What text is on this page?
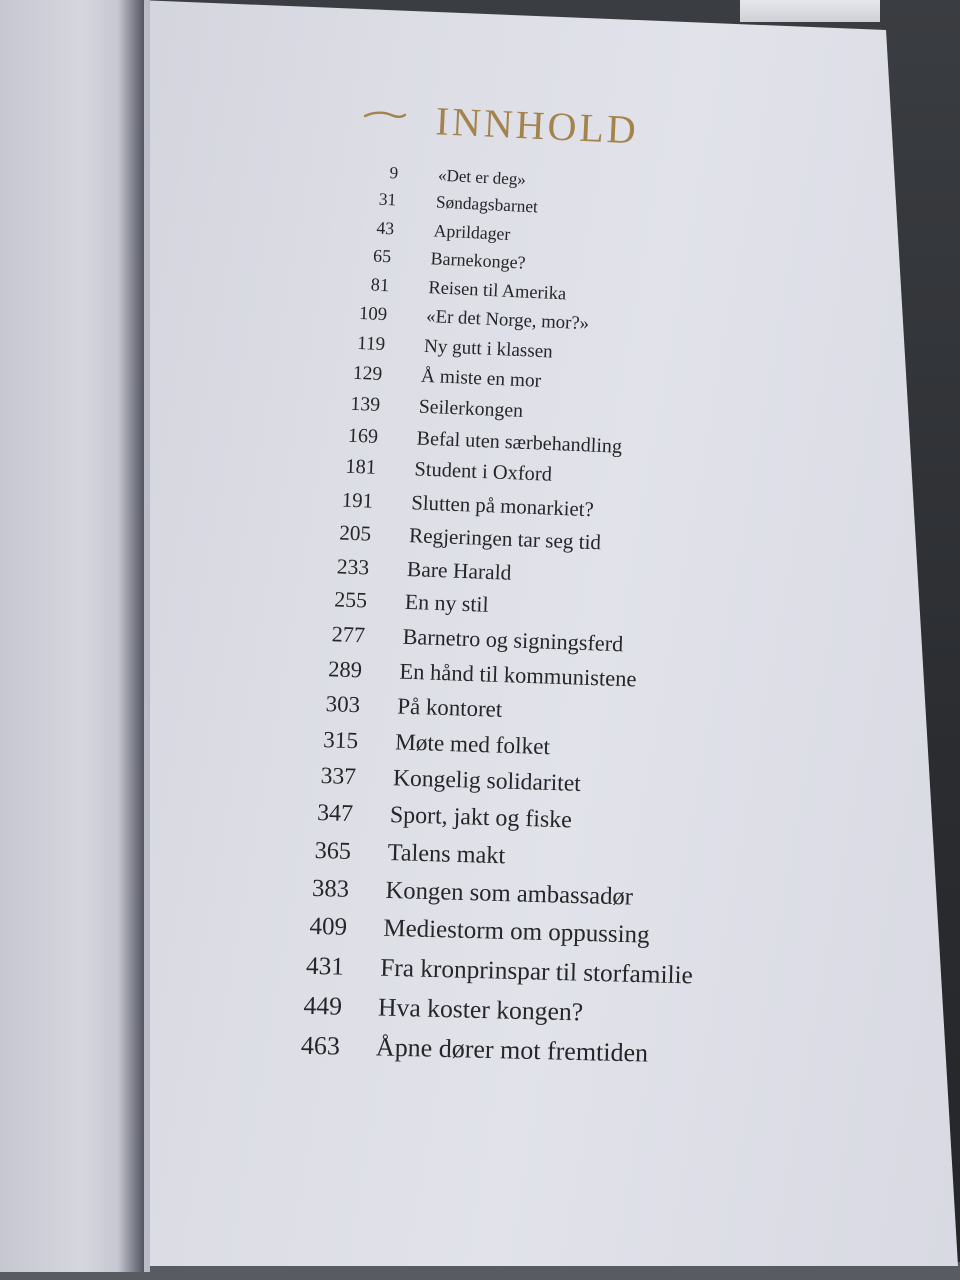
INNHOLD
9 «Det er deg»
31 Søndagsbarnet
43 Aprildager
65 Barnekonge?
81 Reisen til Amerika
109 «Er det Norge, mor?»
119 Ny gutt i klassen
129 Å miste en mor
139 Seilerkongen
169 Befal uten særbehandling
181 Student i Oxford
191 Slutten på monarkiet?
205 Regjeringen tar seg tid
233 Bare Harald
255 En ny stil
277 Barnetro og signingsferd
289 En hånd til kommunistene
303 På kontoret
315 Møte med folket
337 Kongelig solidaritet
347 Sport, jakt og fiske
365 Talens makt
383 Kongen som ambassadør
409 Mediestorm om oppussing
431 Fra kronprinspar til storfamilie
449 Hva koster kongen?
463 Åpne dører mot fremtiden
